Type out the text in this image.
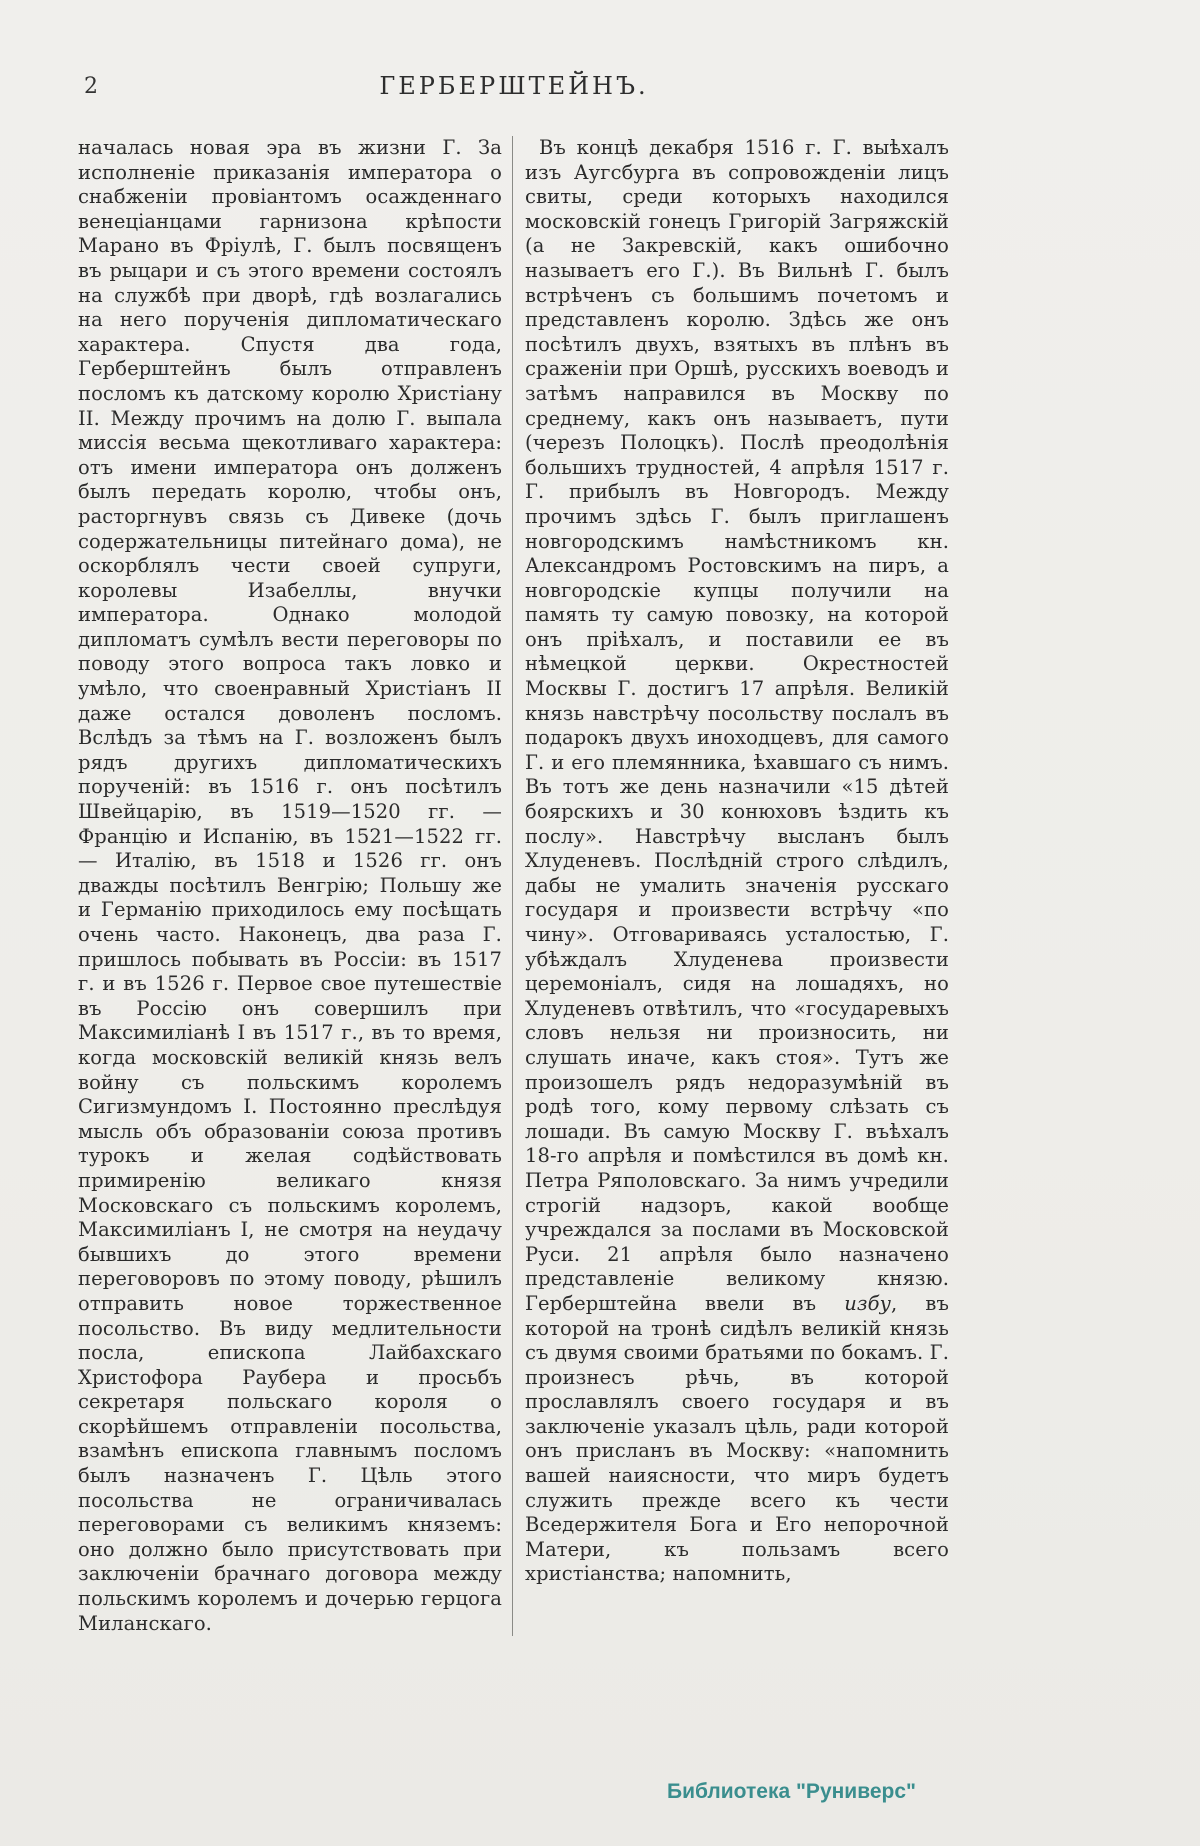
2	ГЕРБЕРШТЕЙНЪ.

началась новая эра въ жизни Г. За исполненіе приказанія императора о снабженіи провіантомъ осажденнаго венеціанцами гарнизона крѣпости Марано въ Фріулѣ, Г. былъ посвященъ въ рыцари и съ этого времени состоялъ на службѣ при дворѣ, гдѣ возлагались на него порученія дипломатическаго характера. Спустя два года, Герберштейнъ былъ отправленъ посломъ къ датскому королю Христіану II. Между прочимъ на долю Г. выпала миссія весьма щекотливаго характера: отъ имени императора онъ долженъ былъ передать королю, чтобы онъ, расторгнувъ связь съ Дивеке (дочь содержательницы питейнаго дома), не оскорблялъ чести своей супруги, королевы Изабеллы, внучки императора. Однако молодой дипломатъ сумѣлъ вести переговоры по поводу этого вопроса такъ ловко и умѣло, что своенравный Христіанъ II даже остался доволенъ посломъ. Вслѣдъ за тѣмъ на Г. возложенъ былъ рядъ другихъ дипломатическихъ порученій: въ 1516 г. онъ посѣтилъ Швейцарію, въ 1519—1520 гг. — Францію и Испанію, въ 1521—1522 гг. — Италію, въ 1518 и 1526 гг. онъ дважды посѣтилъ Венгрію; Польшу же и Германію приходилось ему посѣщать очень часто. Наконецъ, два раза Г. пришлось побывать въ Россіи: въ 1517 г. и въ 1526 г. Первое свое путешествіе въ Россію онъ совершилъ при Максимиліанѣ I въ 1517 г., въ то время, когда московскій великій князь велъ войну съ польскимъ королемъ Сигизмундомъ I. Постоянно преслѣдуя мысль объ образованіи союза противъ турокъ и желая содѣйствовать примиренію великаго князя Московскаго съ польскимъ королемъ, Максимиліанъ I, не смотря на неудачу бывшихъ до этого времени переговоровъ по этому поводу, рѣшилъ отправить новое торжественное посольство. Въ виду медлительности посла, епископа Лайбахскаго Христофора Раубера и просьбъ секретаря польскаго короля о скорѣйшемъ отправленіи посольства, взамѣнъ епископа главнымъ посломъ былъ назначенъ Г. Цѣль этого посольства не ограничивалась переговорами съ великимъ княземъ: оно должно было присутствовать при заключеніи брачнаго договора между польскимъ королемъ и дочерью герцога Миланскаго.

Въ концѣ декабря 1516 г. Г. выѣхалъ изъ Аугсбурга въ сопровожденіи лицъ свиты, среди которыхъ находился московскій гонецъ Григорій Загряжскій (а не Закревскій, какъ ошибочно называетъ его Г.). Въ Вильнѣ Г. былъ встрѣченъ съ большимъ почетомъ и представленъ королю. Здѣсь же онъ посѣтилъ двухъ, взятыхъ въ плѣнъ въ сраженіи при Оршѣ, русскихъ воеводъ и затѣмъ направился въ Москву по среднему, какъ онъ называетъ, пути (черезъ Полоцкъ). Послѣ преодолѣнія большихъ трудностей, 4 апрѣля 1517 г. Г. прибылъ въ Новгородъ. Между прочимъ здѣсь Г. былъ приглашенъ новгородскимъ намѣстникомъ кн. Александромъ Ростовскимъ на пиръ, а новгородскіе купцы получили на память ту самую повозку, на которой онъ пріѣхалъ, и поставили ее въ нѣмецкой церкви. Окрестностей Москвы Г. достигъ 17 апрѣля. Великій князь навстрѣчу посольству послалъ въ подарокъ двухъ иноходцевъ, для самого Г. и его племянника, ѣхавшаго съ нимъ. Въ тотъ же день назначили «15 дѣтей боярскихъ и 30 конюховъ ѣздить къ послу». Навстрѣчу высланъ былъ Хлуденевъ. Послѣдній строго слѣдилъ, дабы не умалить значенія русскаго государя и произвести встрѣчу «по чину». Отговариваясь усталостью, Г. убѣждалъ Хлуденева произвести церемоніалъ, сидя на лошадяхъ, но Хлуденевъ отвѣтилъ, что «государевыхъ словъ нельзя ни произносить, ни слушать иначе, какъ стоя». Тутъ же произошелъ рядъ недоразумѣній въ родѣ того, кому первому слѣзать съ лошади. Въ самую Москву Г. въѣхалъ 18-го апрѣля и помѣстился въ домѣ кн. Петра Ряполовскаго. За нимъ учредили строгій надзоръ, какой вообще учреждался за послами въ Московской Руси. 21 апрѣля было назначено представленіе великому князю. Герберштейна ввели въ избу, въ которой на тронѣ сидѣлъ великій князь съ двумя своими братьями по бокамъ. Г. произнесъ рѣчь, въ которой прославлялъ своего государя и въ заключеніе указалъ цѣль, ради которой онъ присланъ въ Москву: «напомнить вашей наиясности, что миръ будетъ служить прежде всего къ чести Вседержителя Бога и Его непорочной Матери, къ пользамъ всего христіанства; напомнить,

Библиотека "Руниверс"
